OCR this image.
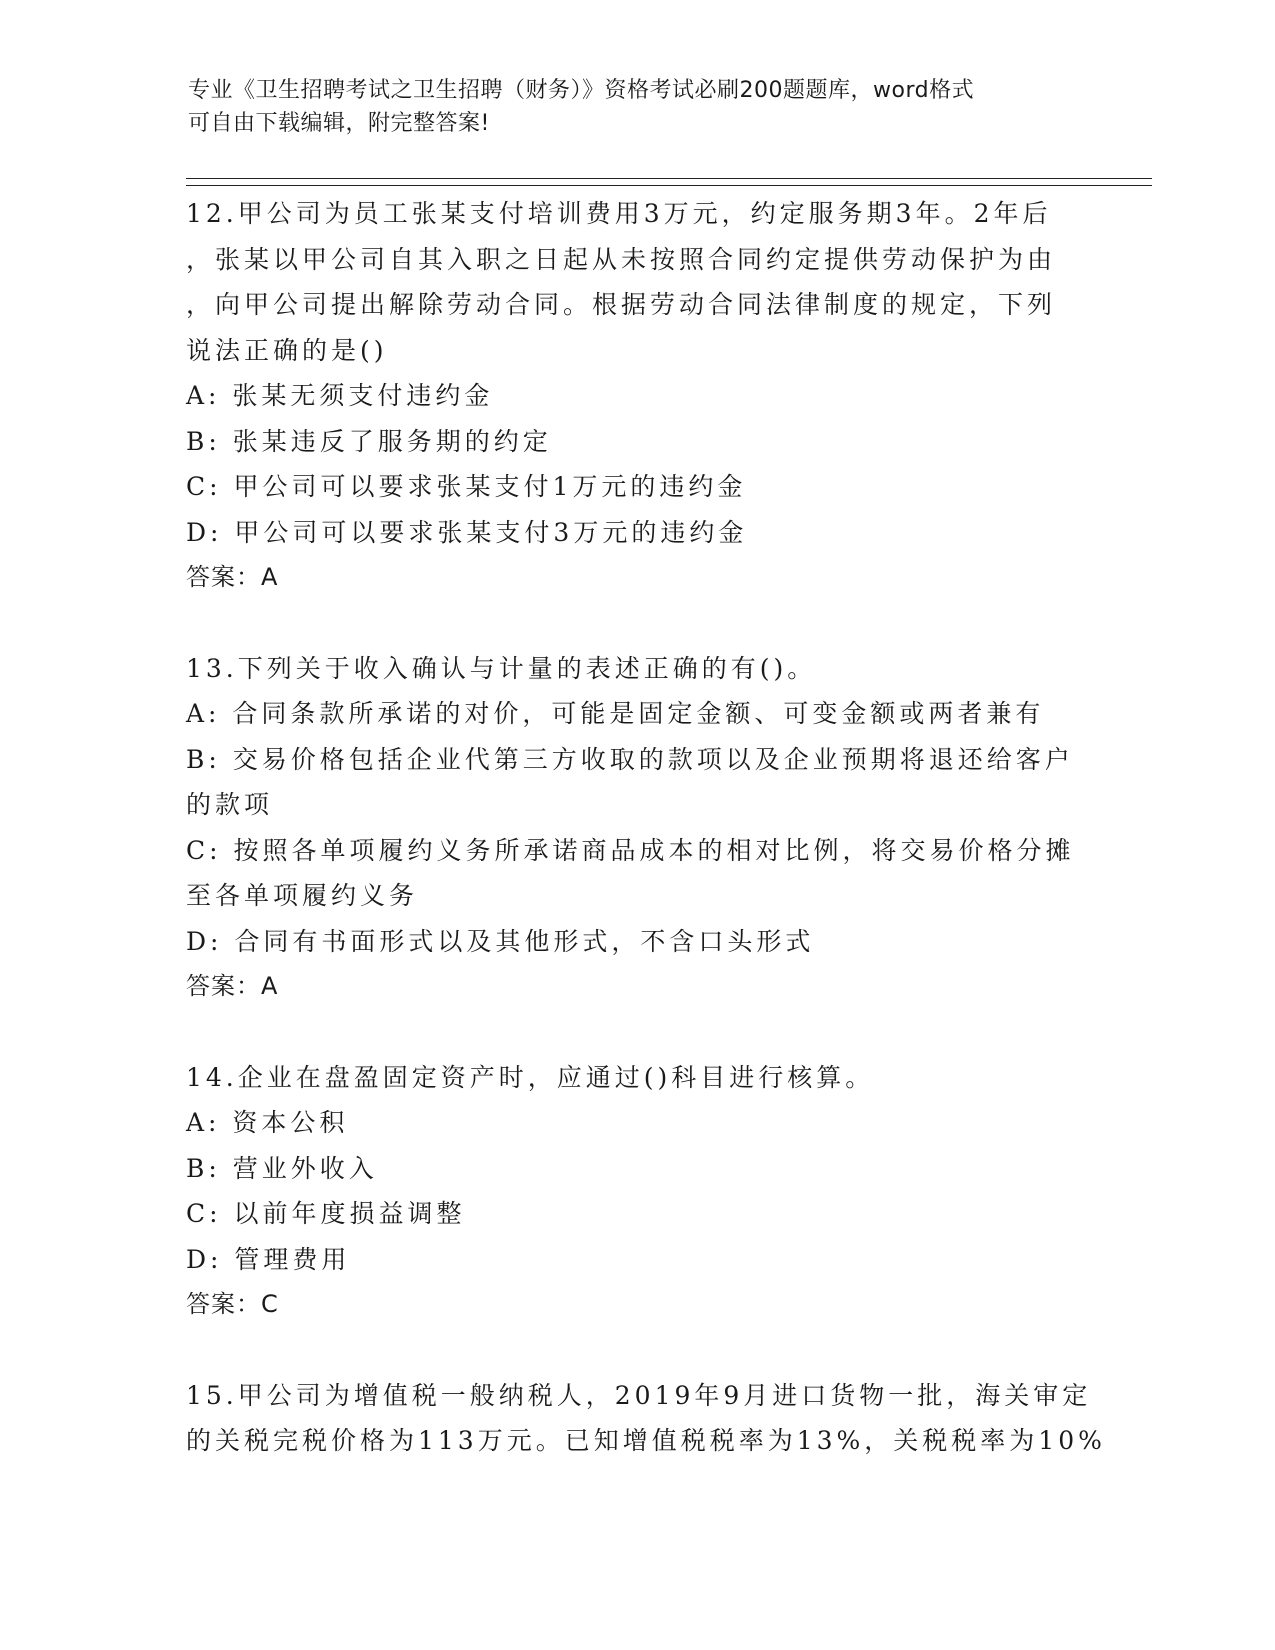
专业《卫生招聘考试之卫生招聘（财务）》资格考试必刷200题题库，word格式
可自由下载编辑，附完整答案!
12.甲公司为员工张某支付培训费用3万元，约定服务期3年。2年后
，张某以甲公司自其入职之日起从未按照合同约定提供劳动保护为由
，向甲公司提出解除劳动合同。根据劳动合同法律制度的规定，下列
说法正确的是()
A: 张某无须支付违约金
B: 张某违反了服务期的约定
C: 甲公司可以要求张某支付1万元的违约金
D: 甲公司可以要求张某支付3万元的违约金
答案：A
13.下列关于收入确认与计量的表述正确的有()。
A: 合同条款所承诺的对价，可能是固定金额、可变金额或两者兼有
B: 交易价格包括企业代第三方收取的款项以及企业预期将退还给客户
的款项
C: 按照各单项履约义务所承诺商品成本的相对比例，将交易价格分摊
至各单项履约义务
D: 合同有书面形式以及其他形式，不含口头形式
答案：A
14.企业在盘盈固定资产时，应通过()科目进行核算。
A: 资本公积
B: 营业外收入
C: 以前年度损益调整
D: 管理费用
答案：C
15.甲公司为增值税一般纳税人，2019年9月进口货物一批，海关审定
的关税完税价格为113万元。已知增值税税率为13%，关税税率为10%
